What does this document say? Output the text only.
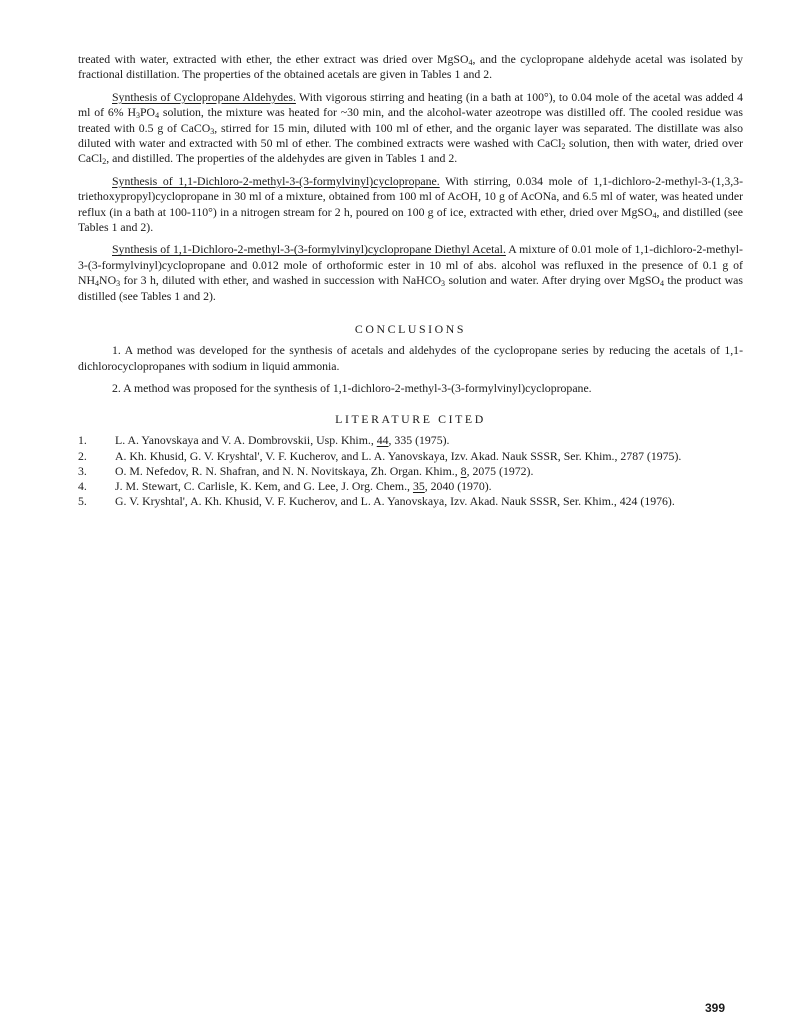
treated with water, extracted with ether, the ether extract was dried over MgSO$_4$, and the cyclopropane aldehyde acetal was isolated by fractional distillation. The properties of the obtained acetals are given in Tables 1 and 2.

Synthesis of Cyclopropane Aldehydes. With vigorous stirring and heating (in a bath at 100°), to 0.04 mole of the acetal was added 4 ml of 6% $H_3PO_4$ solution, the mixture was heated for ~30 min, and the alcohol-water azeotrope was distilled off. The cooled residue was treated with 0.5 g of CaCO$_3$, stirred for 15 min, diluted with 100 ml of ether, and the organic layer was separated. The distillate was also diluted with water and extracted with 50 ml of ether. The combined extracts were washed with CaCl$_2$ solution, then with water, dried over CaCl$_2$, and distilled. The properties of the aldehydes are given in Tables 1 and 2.

Synthesis of 1,1-Dichloro-2-methyl-3-(3-formylvinyl)cyclopropane. With stirring, 0.034 mole of 1,1-dichloro-2-methyl-3-(1,3,3-triethoxypropyl)cyclopropane in 30 ml of a mixture, obtained from 100 ml of AcOH, 10 g of AcONa, and 6.5 ml of water, was heated under reflux (in a bath at 100-110°) in a nitrogen stream for 2 h, poured on 100 g of ice, extracted with ether, dried over MgSO$_4$, and distilled (see Tables 1 and 2).

Synthesis of 1,1-Dichloro-2-methyl-3-(3-formylvinyl)cyclopropane Diethyl Acetal. A mixture of 0.01 mole of 1,1-dichloro-2-methyl-3-(3-formylvinyl)cyclopropane and 0.012 mole of orthoformic ester in 10 ml of abs. alcohol was refluxed in the presence of 0.1 g of $NH_4NO_3$ for 3 h, diluted with ether, and washed in succession with NaHCO$_3$ solution and water. After drying over MgSO$_4$ the product was distilled (see Tables 1 and 2).

CONCLUSIONS

1. A method was developed for the synthesis of acetals and aldehydes of the cyclopropane series by reducing the acetals of 1,1-dichlorocyclopropanes with sodium in liquid ammonia.

2. A method was proposed for the synthesis of 1,1-dichloro-2-methyl-3-(3-formylvinyl)cyclopropane.

LITERATURE CITED
1. L. A. Yanovskaya and V. A. Dombrovskii, Usp. Khim., 44, 335 (1975).
2. A. Kh. Khusid, G. V. Kryshtal', V. F. Kucherov, and L. A. Yanovskaya, Izv. Akad. Nauk SSSR, Ser. Khim., 2787 (1975).
3. O. M. Nefedov, R. N. Shafran, and N. N. Novitskaya, Zh. Organ. Khim., 8, 2075 (1972).
4. J. M. Stewart, C. Carlisle, K. Kem, and G. Lee, J. Org. Chem., 35, 2040 (1970).
5. G. V. Kryshtal', A. Kh. Khusid, V. F. Kucherov, and L. A. Yanovskaya, Izv. Akad. Nauk SSSR, Ser. Khim., 424 (1976).
399
